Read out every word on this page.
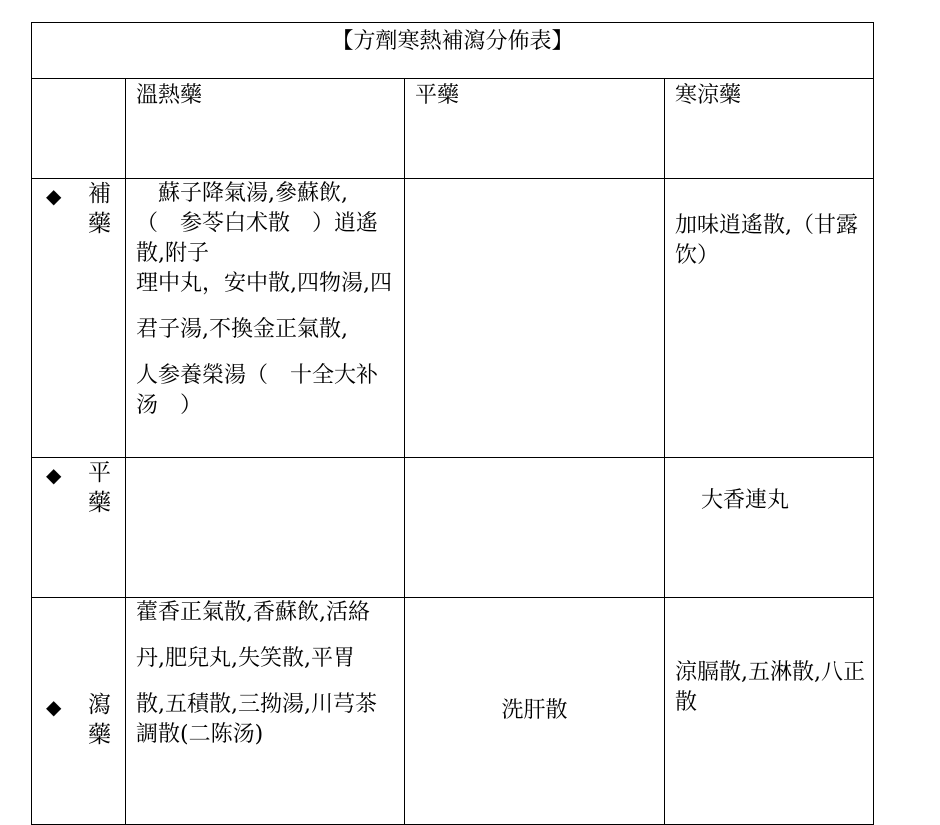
【方劑寒熱補瀉分佈表】			
	溫熱藥	平藥	寒涼藥

◆ 補藥	　蘇子降氣湯,參蘇飲,
（　参苓白术散　）逍遙散,附子
理中丸，安中散,四物湯,四
君子湯,不換金正氣散,
人参養榮湯（　十全大补汤　）		加味逍遙散,（甘露饮）

◆ 平藥			大香連丸

◆ 瀉藥	藿香正氣散,香蘇飲,活絡
丹,肥兒丸,失笑散,平胃
散,五積散,三拗湯,川芎茶
調散(二陈汤)	洗肝散	涼膈散,五淋散,八正散
